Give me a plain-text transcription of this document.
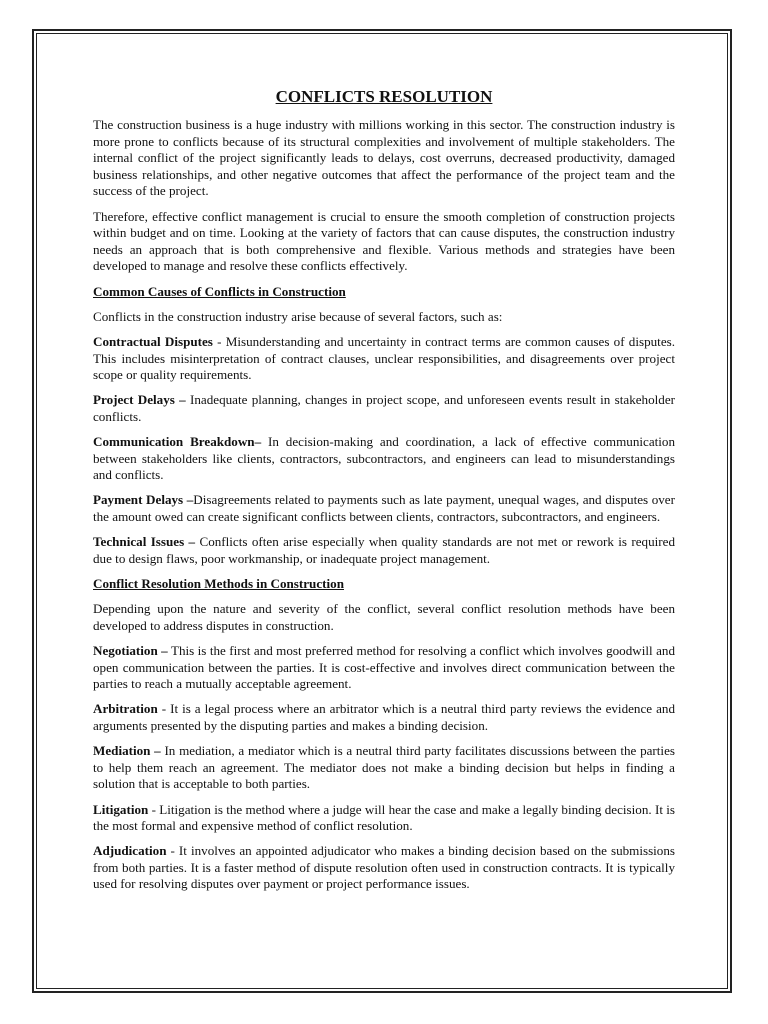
CONFLICTS RESOLUTION

The construction business is a huge industry with millions working in this sector. The construction industry is more prone to conflicts because of its structural complexities and involvement of multiple stakeholders. The internal conflict of the project significantly leads to delays, cost overruns, decreased productivity, damaged business relationships, and other negative outcomes that affect the performance of the project team and the success of the project.

Therefore, effective conflict management is crucial to ensure the smooth completion of construction projects within budget and on time. Looking at the variety of factors that can cause disputes, the construction industry needs an approach that is both comprehensive and flexible. Various methods and strategies have been developed to manage and resolve these conflicts effectively.

Common Causes of Conflicts in Construction

Conflicts in the construction industry arise because of several factors, such as:

Contractual Disputes - Misunderstanding and uncertainty in contract terms are common causes of disputes. This includes misinterpretation of contract clauses, unclear responsibilities, and disagreements over project scope or quality requirements.

Project Delays – Inadequate planning, changes in project scope, and unforeseen events result in stakeholder conflicts.

Communication Breakdown– In decision-making and coordination, a lack of effective communication between stakeholders like clients, contractors, subcontractors, and engineers can lead to misunderstandings and conflicts.

Payment Delays –Disagreements related to payments such as late payment, unequal wages, and disputes over the amount owed can create significant conflicts between clients, contractors, subcontractors, and engineers.

Technical Issues – Conflicts often arise especially when quality standards are not met or rework is required due to design flaws, poor workmanship, or inadequate project management.

Conflict Resolution Methods in Construction

Depending upon the nature and severity of the conflict, several conflict resolution methods have been developed to address disputes in construction.

Negotiation – This is the first and most preferred method for resolving a conflict which involves goodwill and open communication between the parties. It is cost-effective and involves direct communication between the parties to reach a mutually acceptable agreement.

Arbitration - It is a legal process where an arbitrator which is a neutral third party reviews the evidence and arguments presented by the disputing parties and makes a binding decision.

Mediation – In mediation, a mediator which is a neutral third party facilitates discussions between the parties to help them reach an agreement. The mediator does not make a binding decision but helps in finding a solution that is acceptable to both parties.

Litigation - Litigation is the method where a judge will hear the case and make a legally binding decision. It is the most formal and expensive method of conflict resolution.

Adjudication - It involves an appointed adjudicator who makes a binding decision based on the submissions from both parties. It is a faster method of dispute resolution often used in construction contracts. It is typically used for resolving disputes over payment or project performance issues.
